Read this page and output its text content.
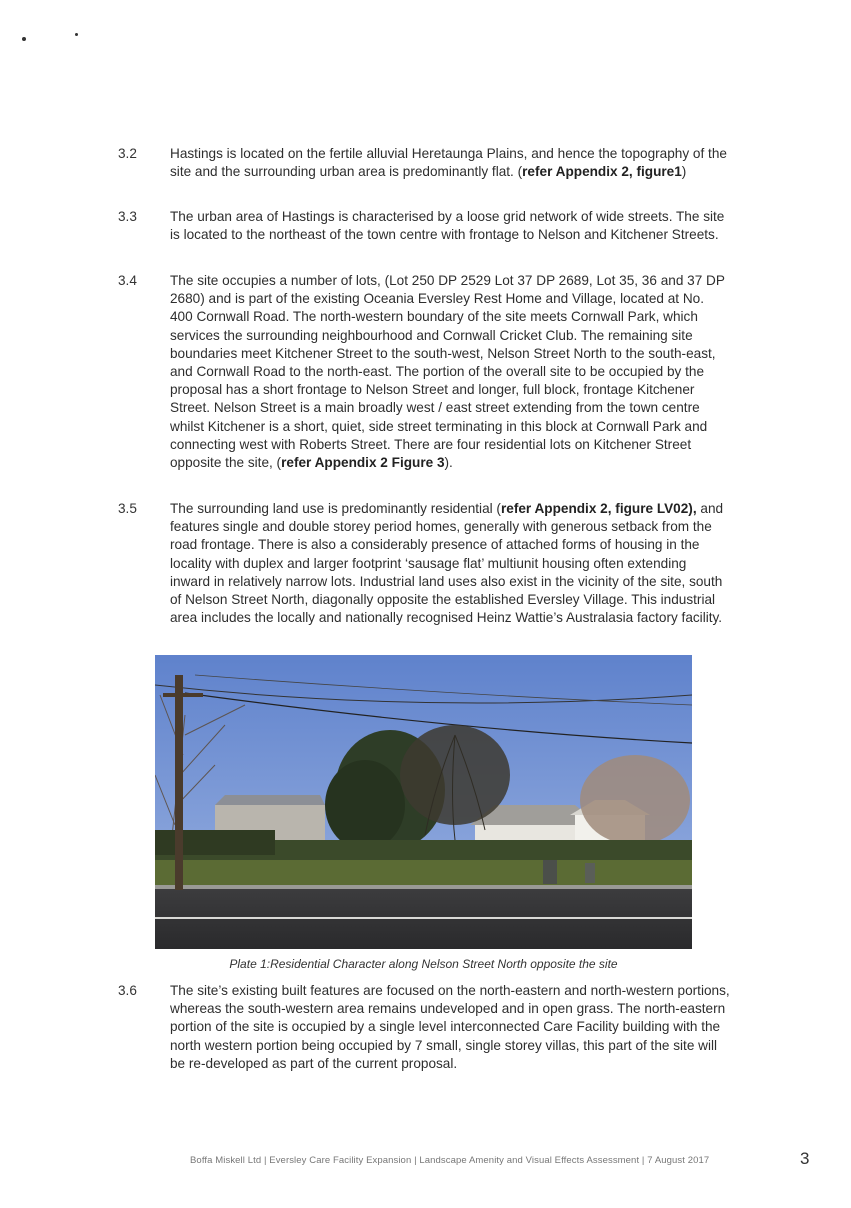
3.2	Hastings is located on the fertile alluvial Heretaunga Plains, and hence the topography of the site and the surrounding urban area is predominantly flat. (refer Appendix 2, figure1)
3.3	The urban area of Hastings is characterised by a loose grid network of wide streets. The site is located to the northeast of the town centre with frontage to Nelson and Kitchener Streets.
3.4	The site occupies a number of lots, (Lot 250 DP 2529 Lot 37 DP 2689, Lot 35, 36 and 37 DP 2680) and is part of the existing Oceania Eversley Rest Home and Village, located at No. 400 Cornwall Road. The north-western boundary of the site meets Cornwall Park, which services the surrounding neighbourhood and Cornwall Cricket Club. The remaining site boundaries meet Kitchener Street to the south-west, Nelson Street North to the south-east, and Cornwall Road to the north-east. The portion of the overall site to be occupied by the proposal has a short frontage to Nelson Street and longer, full block, frontage Kitchener Street. Nelson Street is a main broadly west / east street extending from the town centre whilst Kitchener is a short, quiet, side street terminating in this block at Cornwall Park and connecting west with Roberts Street. There are four residential lots on Kitchener Street opposite the site, (refer Appendix 2 Figure 3).
3.5	The surrounding land use is predominantly residential (refer Appendix 2, figure LV02), and features single and double storey period homes, generally with generous setback from the road frontage. There is also a considerably presence of attached forms of housing in the locality with duplex and larger footprint ‘sausage flat’ multiunit housing often extending inward in relatively narrow lots. Industrial land uses also exist in the vicinity of the site, south of Nelson Street North, diagonally opposite the established Eversley Village. This industrial area includes the locally and nationally recognised Heinz Wattie’s Australasia factory facility.
Plate 1:Residential Character along Nelson Street North opposite the site
3.6	The site’s existing built features are focused on the north-eastern and north-western portions, whereas the south-western area remains undeveloped and in open grass. The north-eastern portion of the site is occupied by a single level interconnected Care Facility building with the north western portion being occupied by 7 small, single storey villas, this part of the site will be re-developed as part of the current proposal.
Boffa Miskell Ltd | Eversley Care Facility Expansion | Landscape Amenity and Visual Effects Assessment | 7 August 2017	3
